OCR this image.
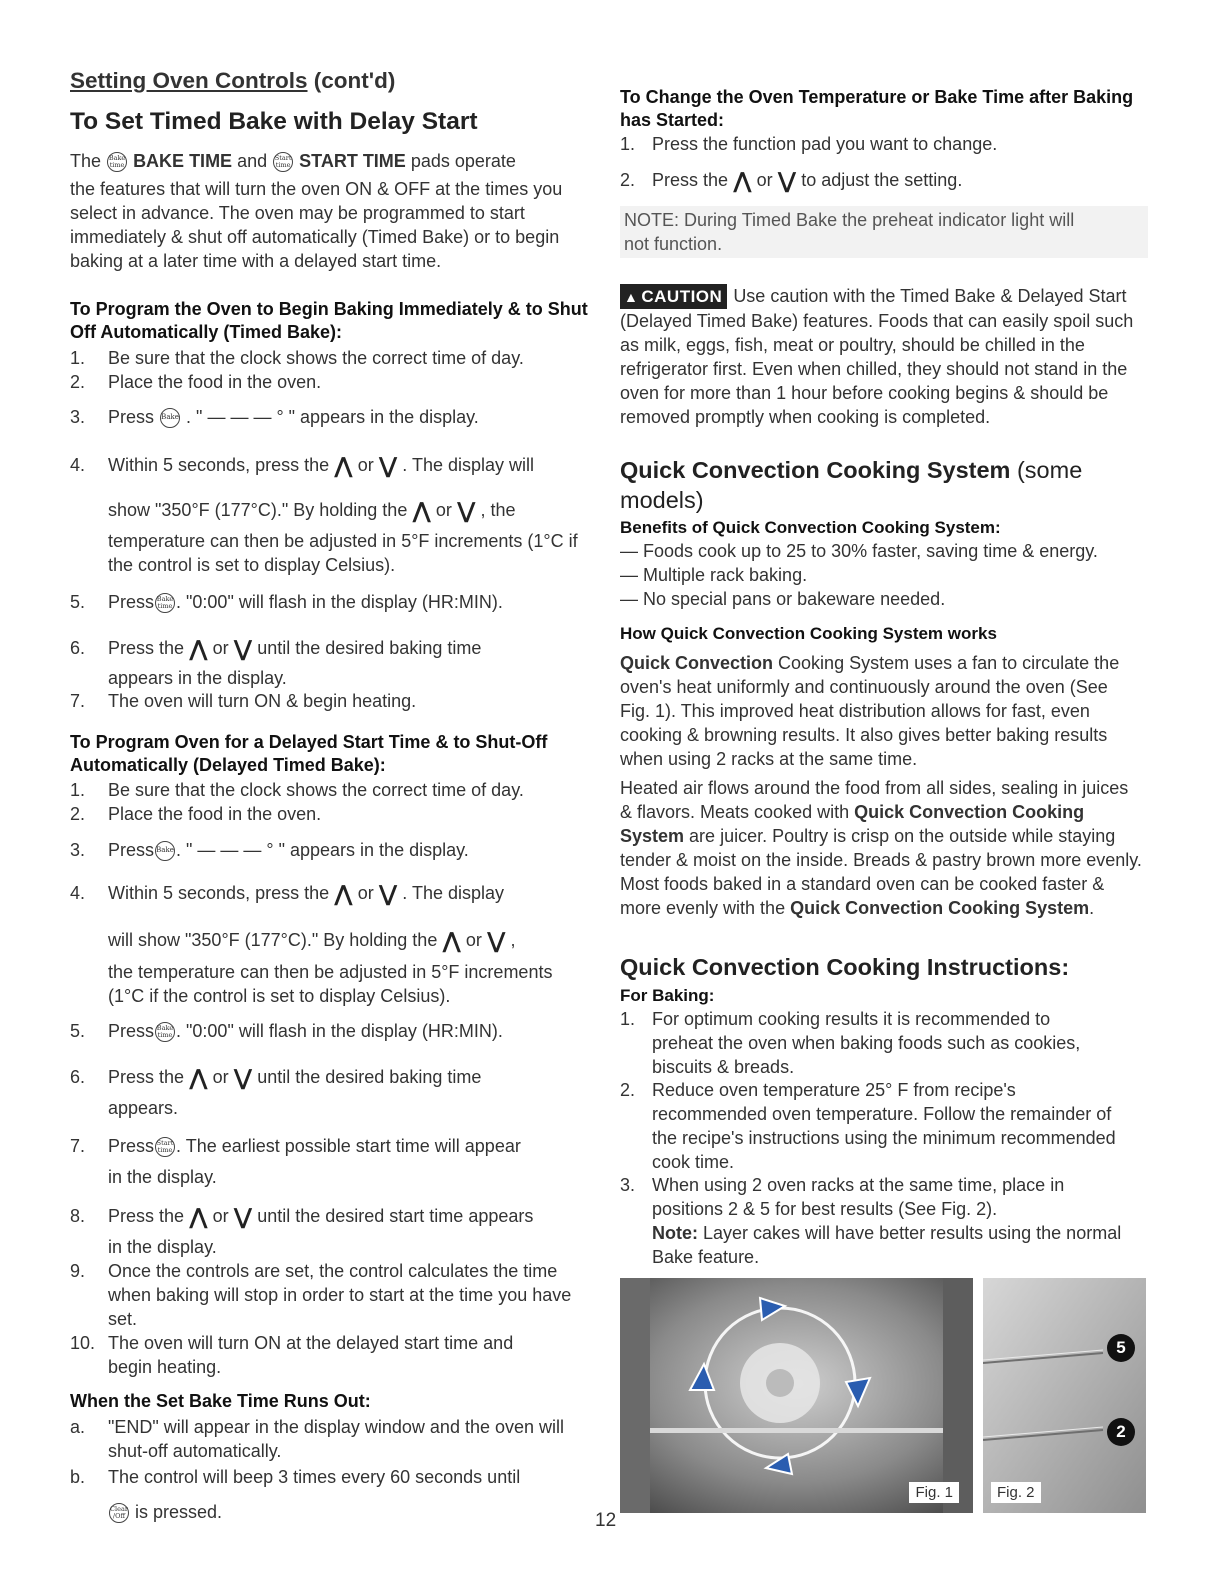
Setting Oven Controls (cont'd)
To Set Timed Bake with Delay Start
The Bake
time BAKE TIME and Start
time START TIME pads operate
the features that will turn the oven ON & OFF at the times you select in advance. The oven may be programmed to start immediately & shut off automatically (Timed Bake) or to begin baking at a later time with a delayed start time.
To Program the Oven to Begin Baking Immediately & to Shut Off Automatically (Timed Bake):
1.	Be sure that the clock shows the correct time of day.
2.	Place the food in the oven.
3.	Press Bake . " — — — ° " appears in the display.
4.	Within 5 seconds, press the ⋀ or ⋁ . The display will
show "350°F (177°C)." By holding the ⋀ or ⋁ , the
temperature can then be adjusted in 5°F increments (1°C if the control is set to display Celsius).
5.	Press Bake
time . "0:00" will flash in the display (HR:MIN).
6.	Press the ⋀ or ⋁ until the desired baking time
appears in the display.
7.	The oven will turn ON & begin heating.
To Program Oven for a Delayed Start Time & to Shut-Off Automatically (Delayed Timed Bake):
1.	Be sure that the clock shows the correct time of day.
2.	Place the food in the oven.
3.	Press Bake . " — — — ° " appears in the display.
4.	Within 5 seconds, press the ⋀ or ⋁ . The display
will show "350°F (177°C)." By holding the ⋀ or ⋁ ,
the temperature can then be adjusted in 5°F increments (1°C if the control is set to display Celsius).
5.	Press Bake
time . "0:00" will flash in the display (HR:MIN).
6.	Press the ⋀ or ⋁ until the desired baking time
appears.
7.	Press Start
time . The earliest possible start time will appear
in the display.
8.	Press the ⋀ or ⋁ until the desired start time appears
in the display.
9.	Once the controls are set, the control calculates the time when baking will stop in order to start at the time you have set.
10. The oven will turn ON at the delayed start time and begin heating.
When the Set Bake Time Runs Out:
a.	"END" will appear in the display window and the oven will shut-off automatically.
b.	The control will beep 3 times every 60 seconds until
Clear
/Off is pressed.
To Change the Oven Temperature or Bake Time after Baking has Started:
1. Press the function pad you want to change.
2. Press the ⋀ or ⋁ to adjust the setting.
NOTE: During Timed Bake the preheat indicator light will not function.
▲ CAUTION Use caution with the Timed Bake & Delayed Start (Delayed Timed Bake) features. Foods that can easily spoil such as milk, eggs, fish, meat or poultry, should be chilled in the refrigerator first. Even when chilled, they should not stand in the oven for more than 1 hour before cooking begins & should be removed promptly when cooking is completed.
Quick Convection Cooking System (some models)
Benefits of Quick Convection Cooking System:
— Foods cook up to 25 to 30% faster, saving time & energy.
— Multiple rack baking.
— No special pans or bakeware needed.
How Quick Convection Cooking System works
Quick Convection Cooking System uses a fan to circulate the oven's heat uniformly and continuously around the oven (See Fig. 1). This improved heat distribution allows for fast, even cooking & browning results. It also gives better baking results when using 2 racks at the same time.
Heated air flows around the food from all sides, sealing in juices & flavors. Meats cooked with Quick Convection Cooking System are juicer. Poultry is crisp on the outside while staying tender & moist on the inside. Breads & pastry brown more evenly. Most foods baked in a standard oven can be cooked faster & more evenly with the Quick Convection Cooking System.
Quick Convection Cooking Instructions:
For Baking:
1. For optimum cooking results it is recommended to preheat the oven when baking foods such as cookies, biscuits & breads.
2. Reduce oven temperature 25° F from recipe's recommended oven temperature. Follow the remainder of the recipe's instructions using the minimum recommended cook time.
3. When using 2 oven racks at the same time, place in positions 2 & 5 for best results (See Fig. 2).
Note: Layer cakes will have better results using the normal Bake feature.
Fig. 1
5
2
Fig. 2
12
